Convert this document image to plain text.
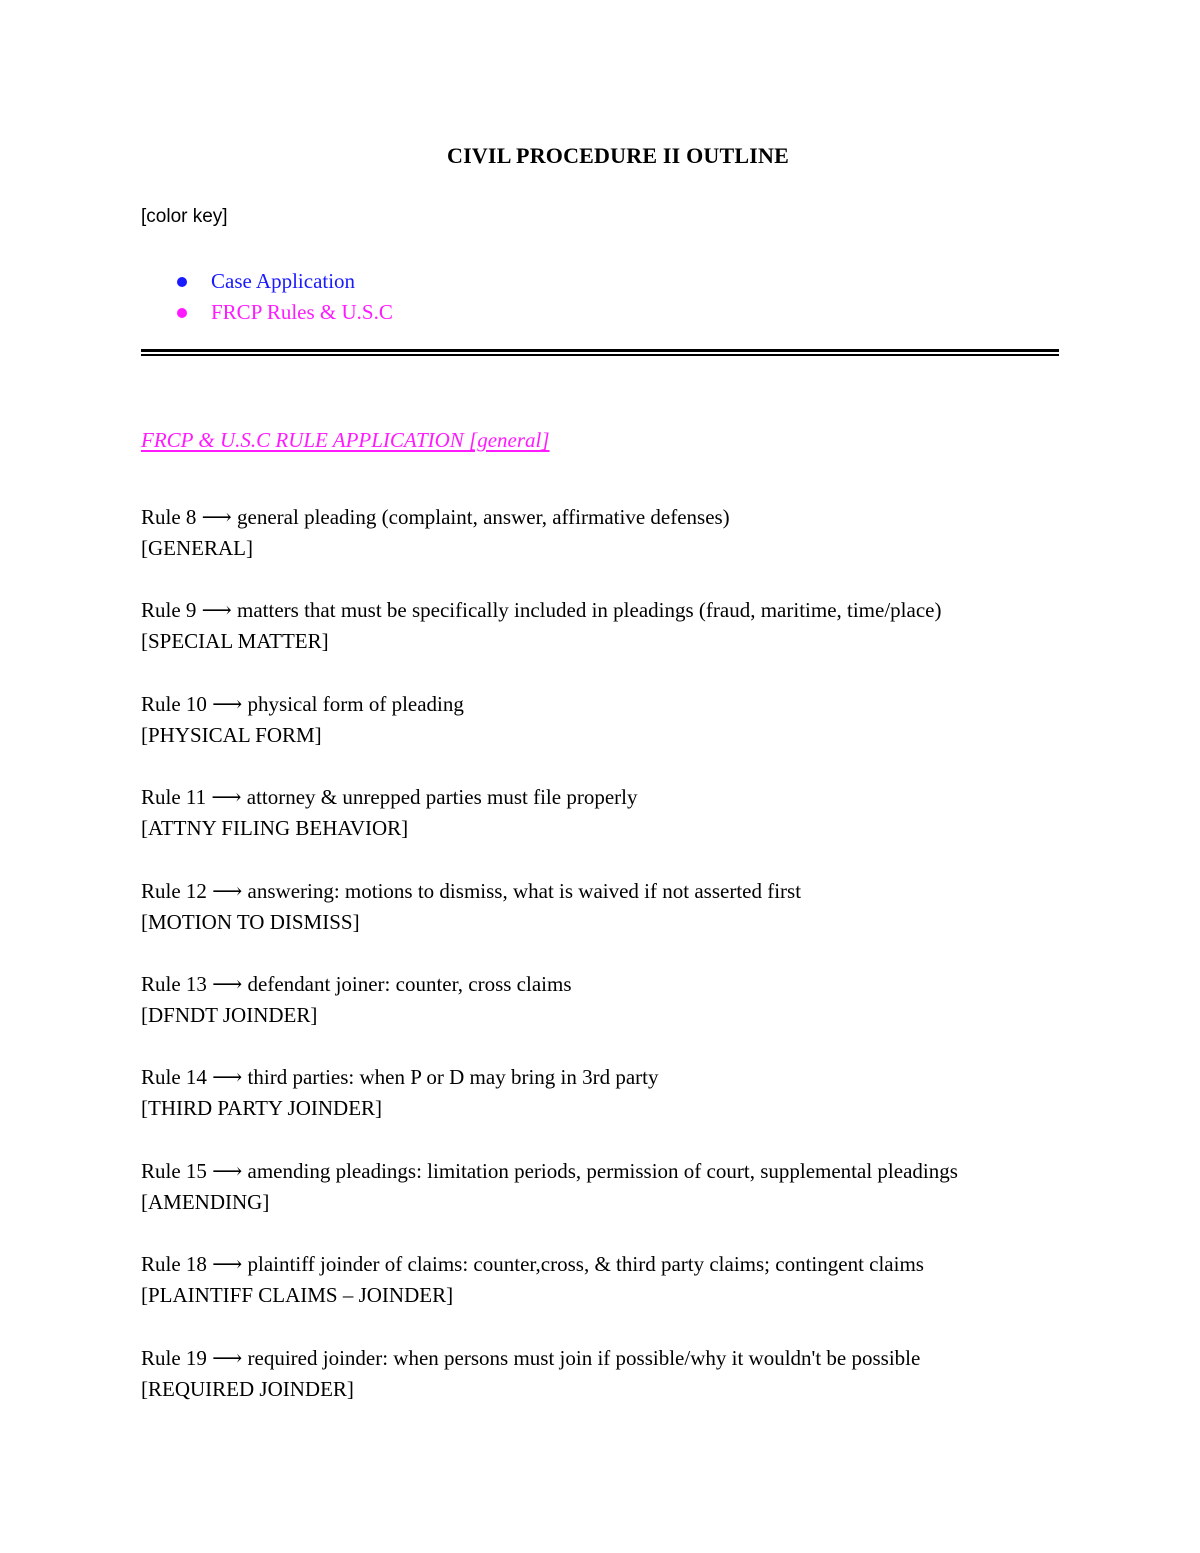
CIVIL PROCEDURE II OUTLINE
[color key]
Case Application
FRCP Rules & U.S.C
FRCP & U.S.C RULE APPLICATION [general]
Rule 8 ⟶ general pleading (complaint, answer, affirmative defenses)
[GENERAL]
Rule 9 ⟶ matters that must be specifically included in pleadings (fraud, maritime, time/place)
[SPECIAL MATTER]
Rule 10 ⟶ physical form of pleading
[PHYSICAL FORM]
Rule 11 ⟶ attorney & unrepped parties must file properly
[ATTNY FILING BEHAVIOR]
Rule 12 ⟶ answering: motions to dismiss, what is waived if not asserted first
[MOTION TO DISMISS]
Rule 13 ⟶ defendant joiner: counter, cross claims
[DFNDT JOINDER]
Rule 14 ⟶ third parties: when P or D may bring in 3rd party
[THIRD PARTY JOINDER]
Rule 15 ⟶ amending pleadings: limitation periods, permission of court, supplemental pleadings
[AMENDING]
Rule 18 ⟶ plaintiff joinder of claims: counter,cross, & third party claims; contingent claims
[PLAINTIFF CLAIMS – JOINDER]
Rule 19 ⟶ required joinder: when persons must join if possible/why it wouldn't be possible
[REQUIRED JOINDER]
